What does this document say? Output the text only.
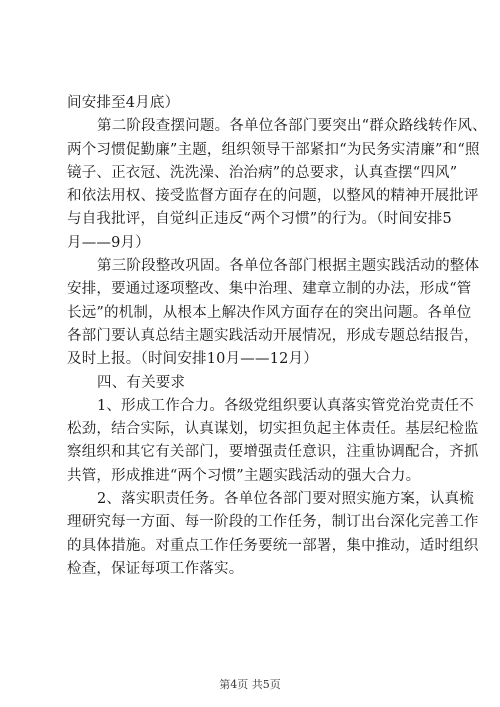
间安排至4月底）
第二阶段查摆问题。各单位各部门要突出“群众路线转作风、
两个习惯促勤廉”主题，组织领导干部紧扣“为民务实清廉”和“照
镜子、正衣冠、洗洗澡、治治病”的总要求，认真查摆“四风”
和依法用权、接受监督方面存在的问题，以整风的精神开展批评
与自我批评，自觉纠正违反“两个习惯”的行为。（时间安排5
月——9月）
第三阶段整改巩固。各单位各部门根据主题实践活动的整体
安排，要通过逐项整改、集中治理、建章立制的办法，形成“管
长远”的机制，从根本上解决作风方面存在的突出问题。各单位
各部门要认真总结主题实践活动开展情况，形成专题总结报告，
及时上报。（时间安排10月——12月）
四、有关要求
1、形成工作合力。各级党组织要认真落实管党治党责任不
松劲，结合实际，认真谋划，切实担负起主体责任。基层纪检监
察组织和其它有关部门，要增强责任意识，注重协调配合，齐抓
共管，形成推进“两个习惯”主题实践活动的强大合力。
2、落实职责任务。各单位各部门要对照实施方案，认真梳
理研究每一方面、每一阶段的工作任务，制订出台深化完善工作
的具体措施。对重点工作任务要统一部署，集中推动，适时组织
检查，保证每项工作落实。
第4页 共5页
